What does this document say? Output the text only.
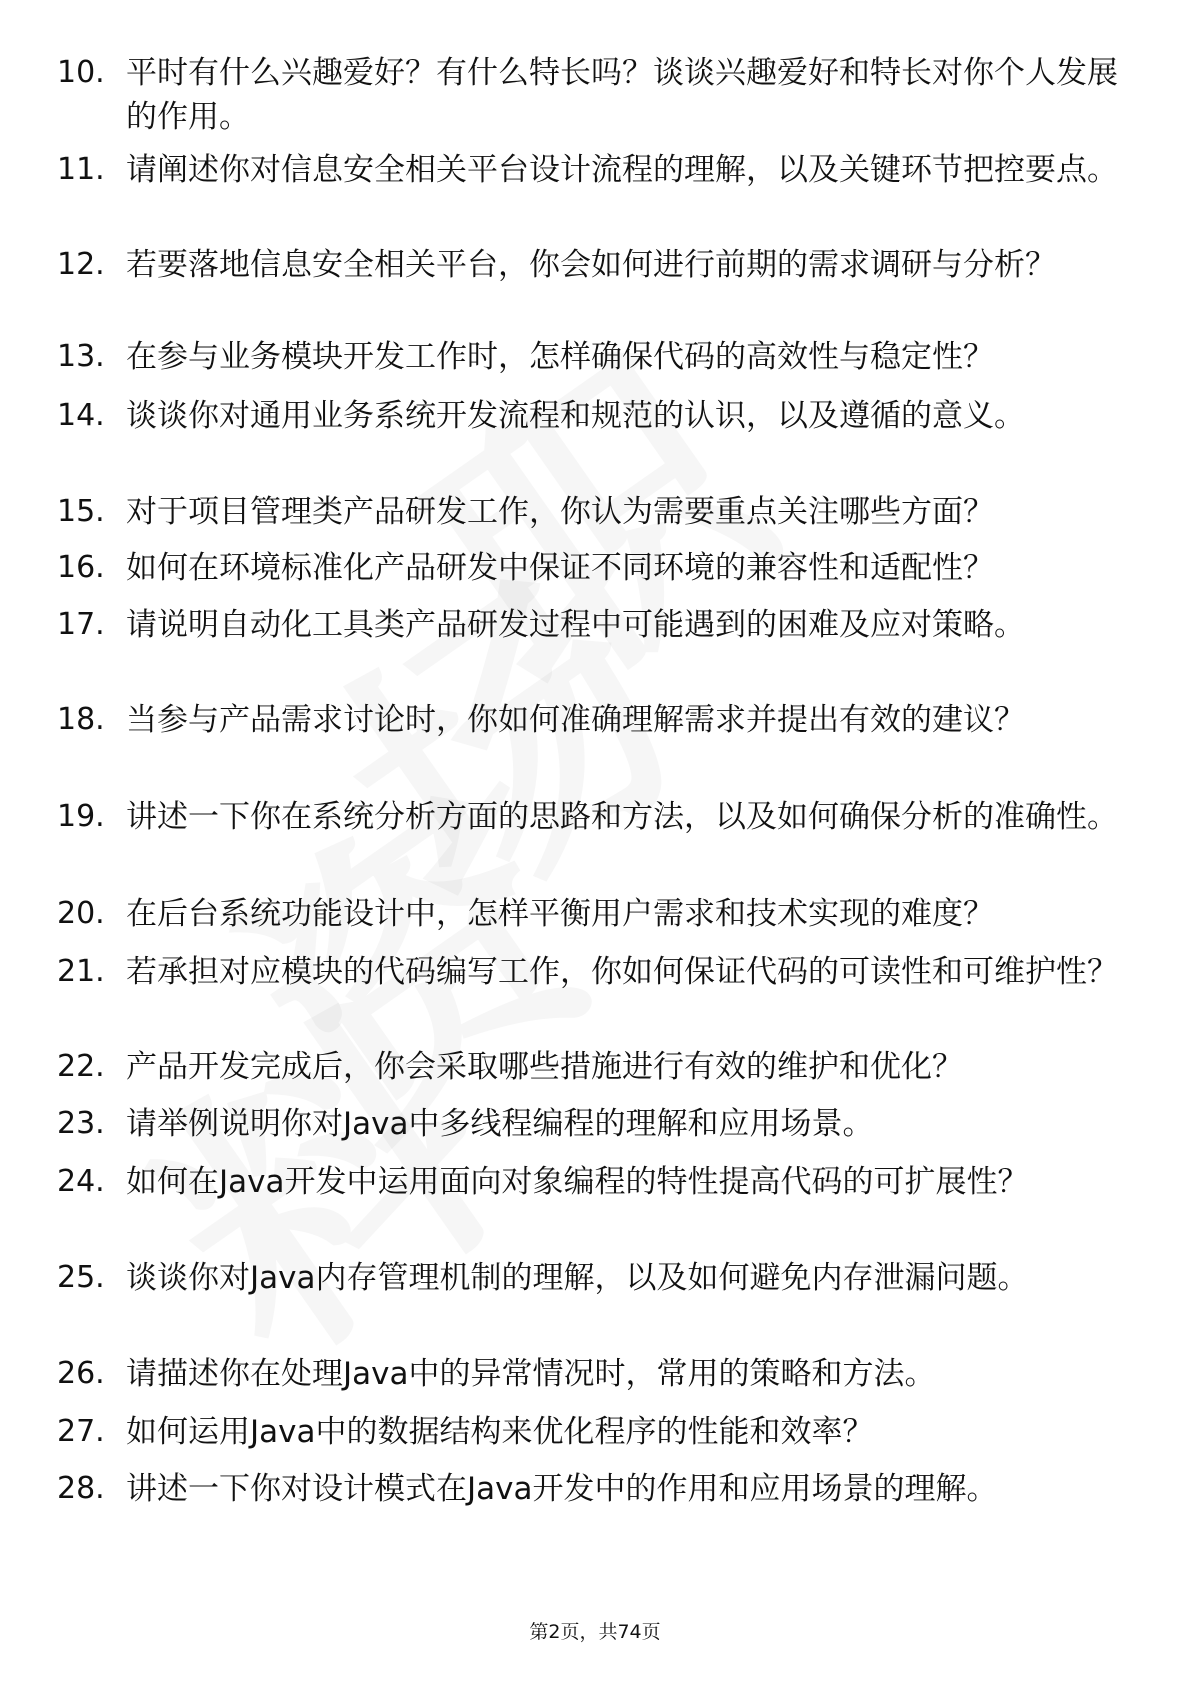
10. 平时有什么兴趣爱好？有什么特长吗？谈谈兴趣爱好和特长对你个人发展的作用。
11. 请阐述你对信息安全相关平台设计流程的理解，以及关键环节把控要点。
12. 若要落地信息安全相关平台，你会如何进行前期的需求调研与分析？
13. 在参与业务模块开发工作时，怎样确保代码的高效性与稳定性？
14. 谈谈你对通用业务系统开发流程和规范的认识，以及遵循的意义。
15. 对于项目管理类产品研发工作，你认为需要重点关注哪些方面？
16. 如何在环境标准化产品研发中保证不同环境的兼容性和适配性？
17. 请说明自动化工具类产品研发过程中可能遇到的困难及应对策略。
18. 当参与产品需求讨论时，你如何准确理解需求并提出有效的建议？
19. 讲述一下你在系统分析方面的思路和方法，以及如何确保分析的准确性。
20. 在后台系统功能设计中，怎样平衡用户需求和技术实现的难度？
21. 若承担对应模块的代码编写工作，你如何保证代码的可读性和可维护性？
22. 产品开发完成后，你会采取哪些措施进行有效的维护和优化？
23. 请举例说明你对Java中多线程编程的理解和应用场景。
24. 如何在Java开发中运用面向对象编程的特性提高代码的可扩展性？
25. 谈谈你对Java内存管理机制的理解，以及如何避免内存泄漏问题。
26. 请描述你在处理Java中的异常情况时，常用的策略和方法。
27. 如何运用Java中的数据结构来优化程序的性能和效率？
28. 讲述一下你对设计模式在Java开发中的作用和应用场景的理解。
第2页，共74页
